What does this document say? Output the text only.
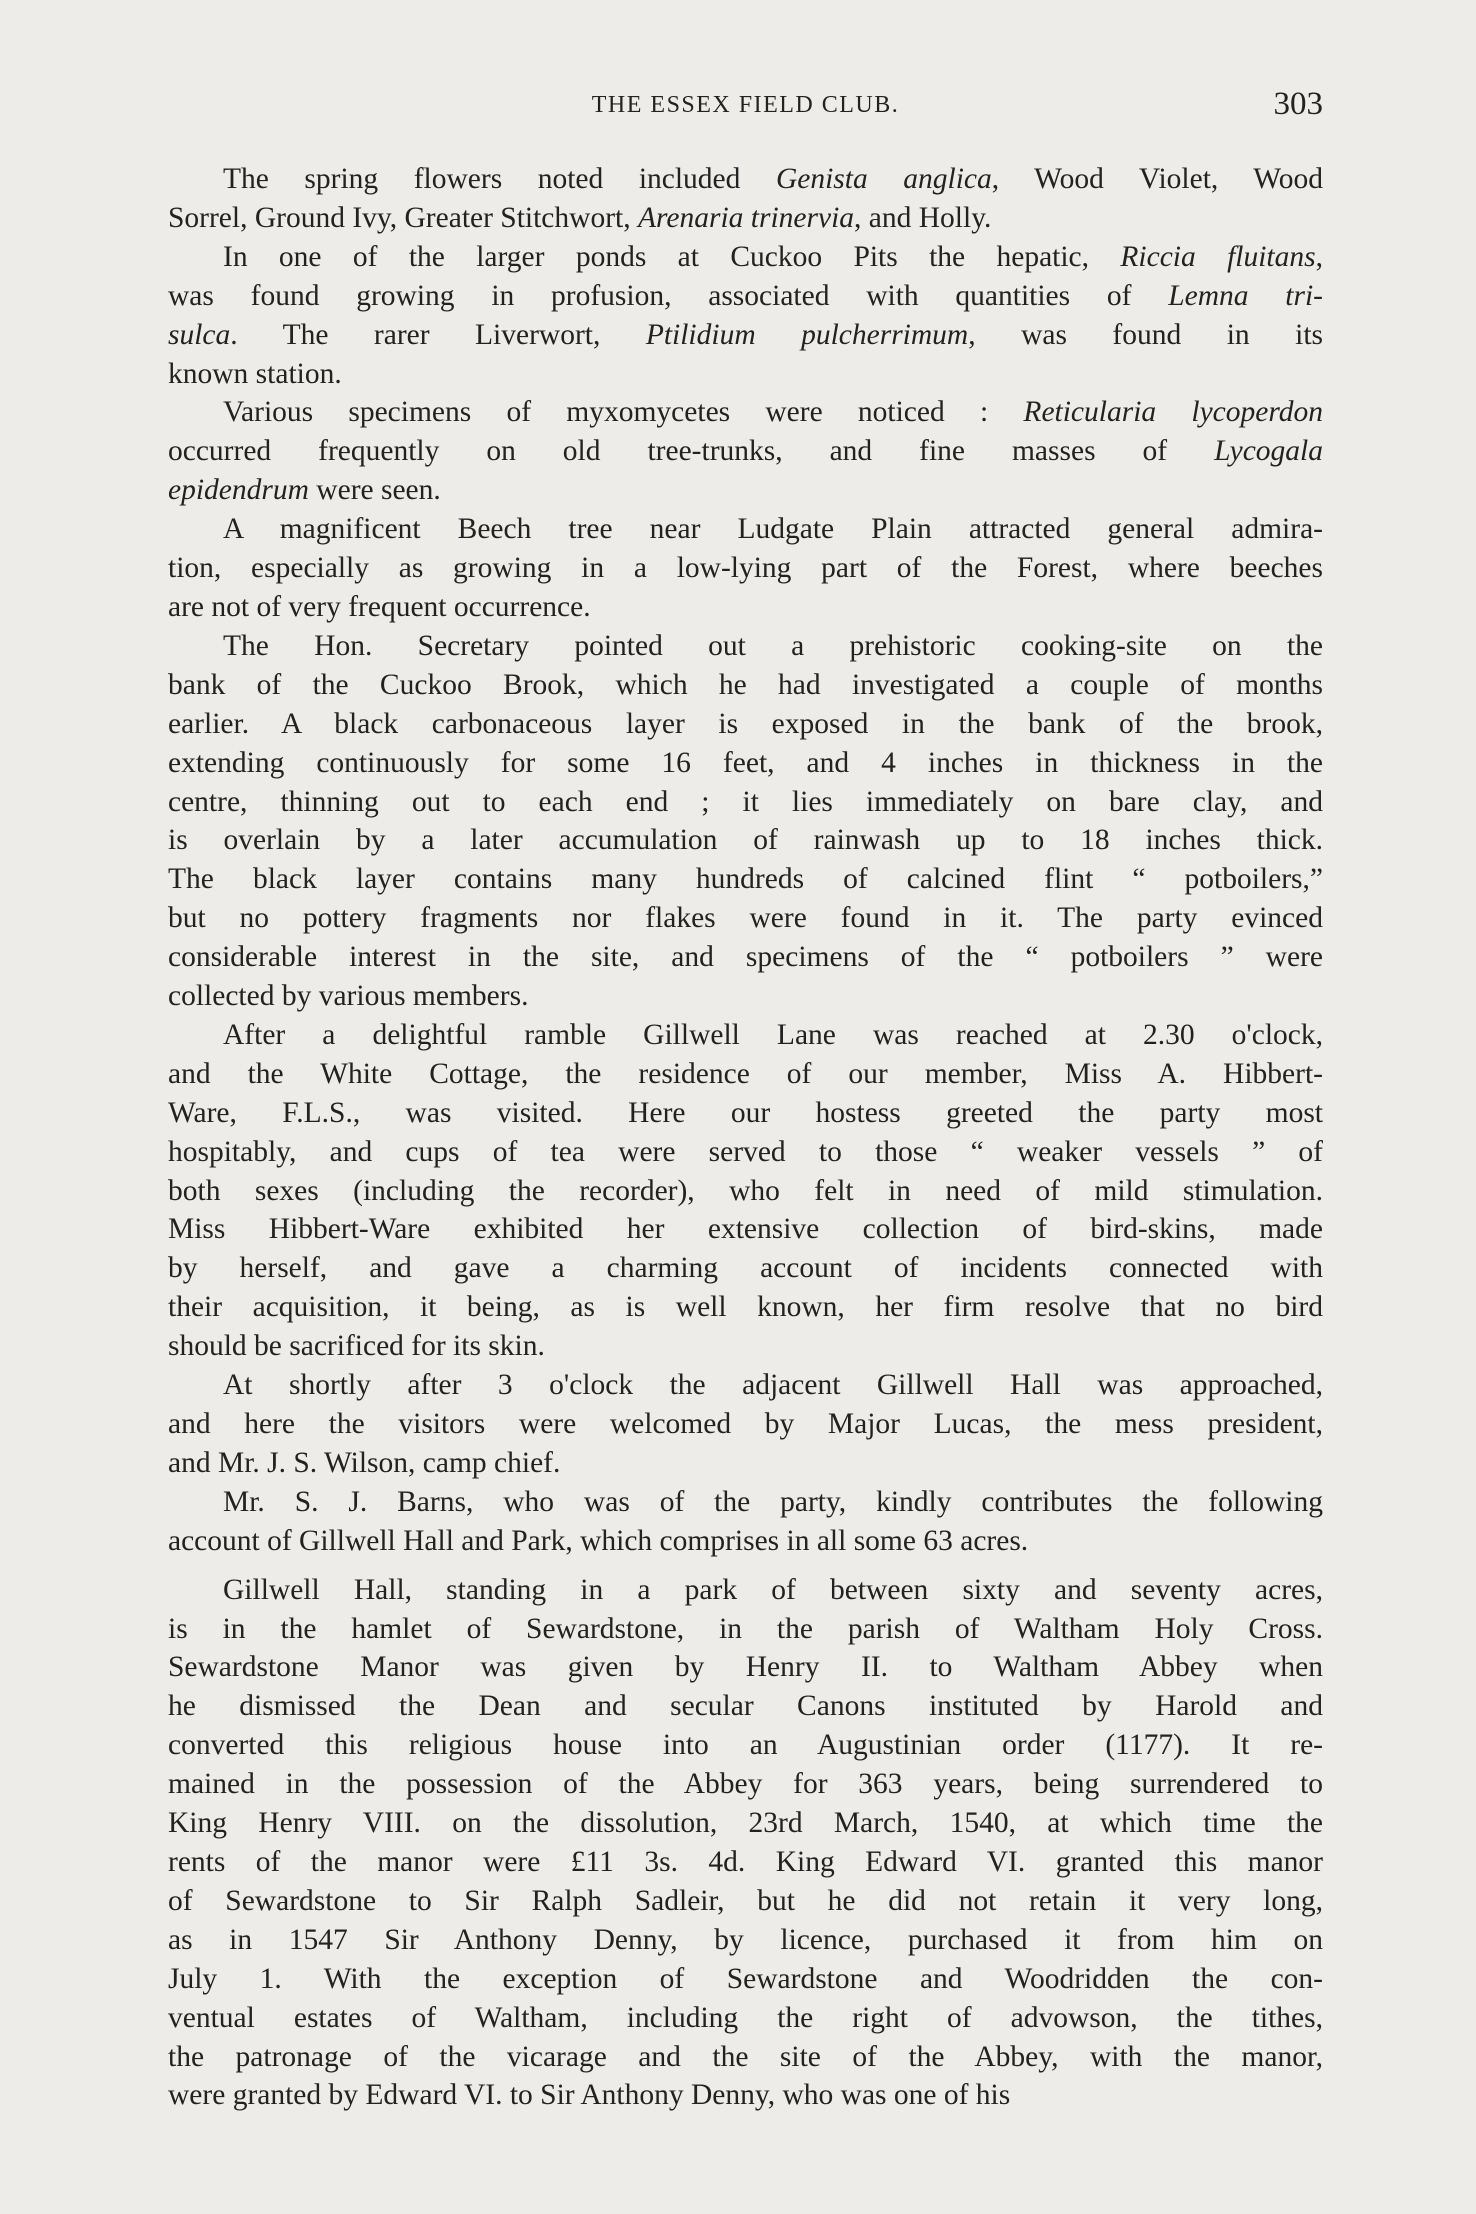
THE ESSEX FIELD CLUB.	303
The spring flowers noted included Genista anglica, Wood Violet, Wood
Sorrel, Ground Ivy, Greater Stitchwort, Arenaria trinervia, and Holly.
In one of the larger ponds at Cuckoo Pits the hepatic, Riccia fluitans,
was found growing in profusion, associated with quantities of Lemna tri-
sulca. The rarer Liverwort, Ptilidium pulcherrimum, was found in its
known station.
Various specimens of myxomycetes were noticed : Reticularia lycoperdon
occurred frequently on old tree-trunks, and fine masses of Lycogala
epidendrum were seen.
A magnificent Beech tree near Ludgate Plain attracted general admira-
tion, especially as growing in a low-lying part of the Forest, where beeches
are not of very frequent occurrence.
The Hon. Secretary pointed out a prehistoric cooking-site on the
bank of the Cuckoo Brook, which he had investigated a couple of months
earlier. A black carbonaceous layer is exposed in the bank of the brook,
extending continuously for some 16 feet, and 4 inches in thickness in the
centre, thinning out to each end ; it lies immediately on bare clay, and
is overlain by a later accumulation of rainwash up to 18 inches thick.
The black layer contains many hundreds of calcined flint “ potboilers,”
but no pottery fragments nor flakes were found in it. The party evinced
considerable interest in the site, and specimens of the “ potboilers ” were
collected by various members.
After a delightful ramble Gillwell Lane was reached at 2.30 o'clock,
and the White Cottage, the residence of our member, Miss A. Hibbert-
Ware, F.L.S., was visited. Here our hostess greeted the party most
hospitably, and cups of tea were served to those “ weaker vessels ” of
both sexes (including the recorder), who felt in need of mild stimulation.
Miss Hibbert-Ware exhibited her extensive collection of bird-skins, made
by herself, and gave a charming account of incidents connected with
their acquisition, it being, as is well known, her firm resolve that no bird
should be sacrificed for its skin.
At shortly after 3 o'clock the adjacent Gillwell Hall was approached,
and here the visitors were welcomed by Major Lucas, the mess president,
and Mr. J. S. Wilson, camp chief.
Mr. S. J. Barns, who was of the party, kindly contributes the following
account of Gillwell Hall and Park, which comprises in all some 63 acres.
Gillwell Hall, standing in a park of between sixty and seventy acres,
is in the hamlet of Sewardstone, in the parish of Waltham Holy Cross.
Sewardstone Manor was given by Henry II. to Waltham Abbey when
he dismissed the Dean and secular Canons instituted by Harold and
converted this religious house into an Augustinian order (1177). It re-
mained in the possession of the Abbey for 363 years, being surrendered to
King Henry VIII. on the dissolution, 23rd March, 1540, at which time the
rents of the manor were £11 3s. 4d. King Edward VI. granted this manor
of Sewardstone to Sir Ralph Sadleir, but he did not retain it very long,
as in 1547 Sir Anthony Denny, by licence, purchased it from him on
July 1. With the exception of Sewardstone and Woodridden the con-
ventual estates of Waltham, including the right of advowson, the tithes,
the patronage of the vicarage and the site of the Abbey, with the manor,
were granted by Edward VI. to Sir Anthony Denny, who was one of his
